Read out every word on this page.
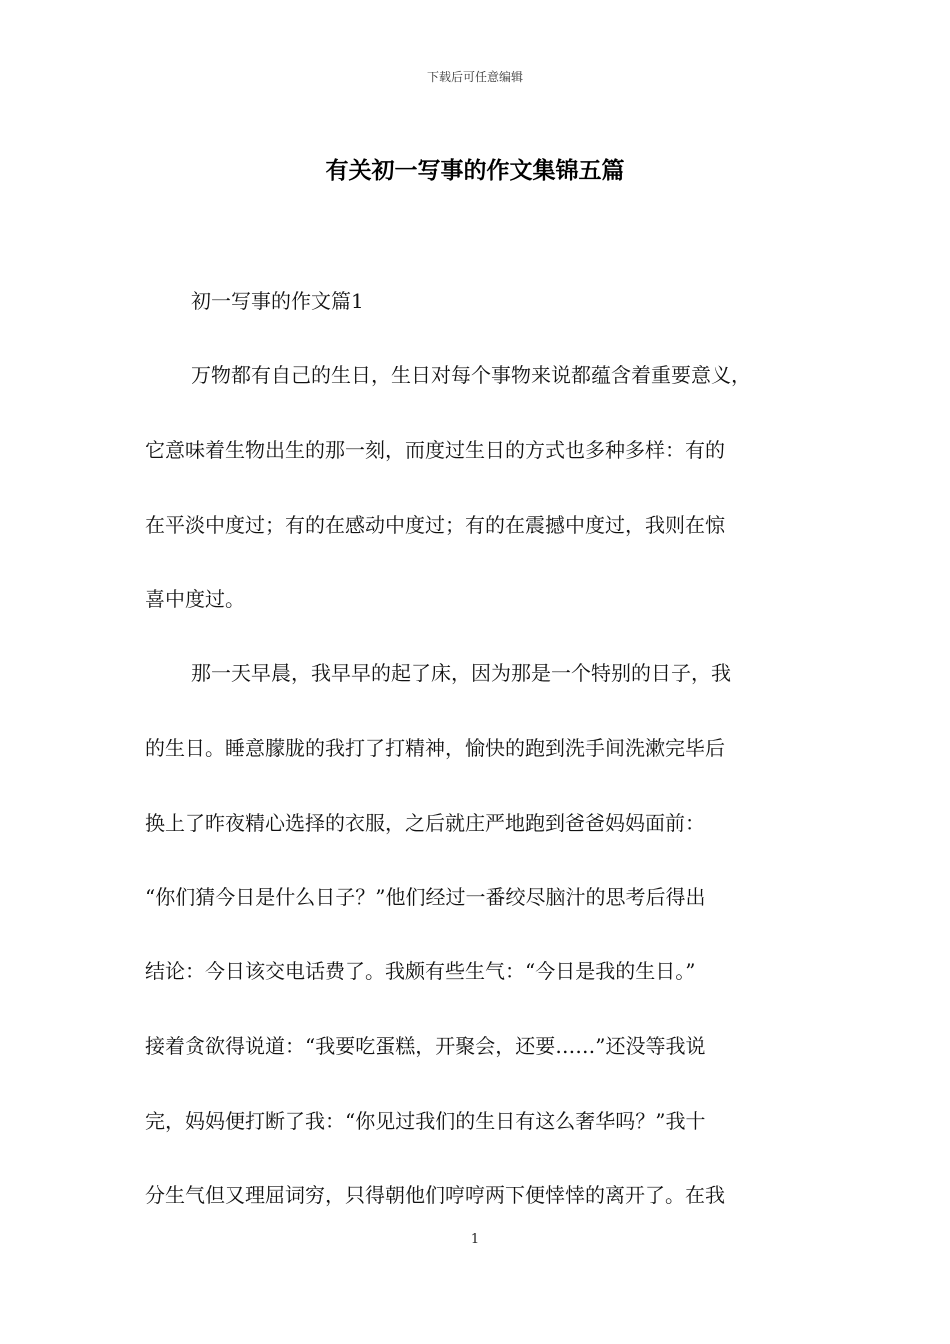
下载后可任意编辑
有关初一写事的作文集锦五篇
初一写事的作文篇1
万物都有自己的生日，生日对每个事物来说都蕴含着重要意义，
它意味着生物出生的那一刻，而度过生日的方式也多种多样：有的
在平淡中度过；有的在感动中度过；有的在震撼中度过，我则在惊
喜中度过。
那一天早晨，我早早的起了床，因为那是一个特别的日子，我
的生日。睡意朦胧的我打了打精神，愉快的跑到洗手间洗漱完毕后
换上了昨夜精心选择的衣服，之后就庄严地跑到爸爸妈妈面前：
“你们猜今日是什么日子？”他们经过一番绞尽脑汁的思考后得出
结论：今日该交电话费了。我颇有些生气：“今日是我的生日。”
接着贪欲得说道：“我要吃蛋糕，开聚会，还要……”还没等我说
完，妈妈便打断了我：“你见过我们的生日有这么奢华吗？”我十
分生气但又理屈词穷，只得朝他们哼哼两下便悻悻的离开了。在我
1
